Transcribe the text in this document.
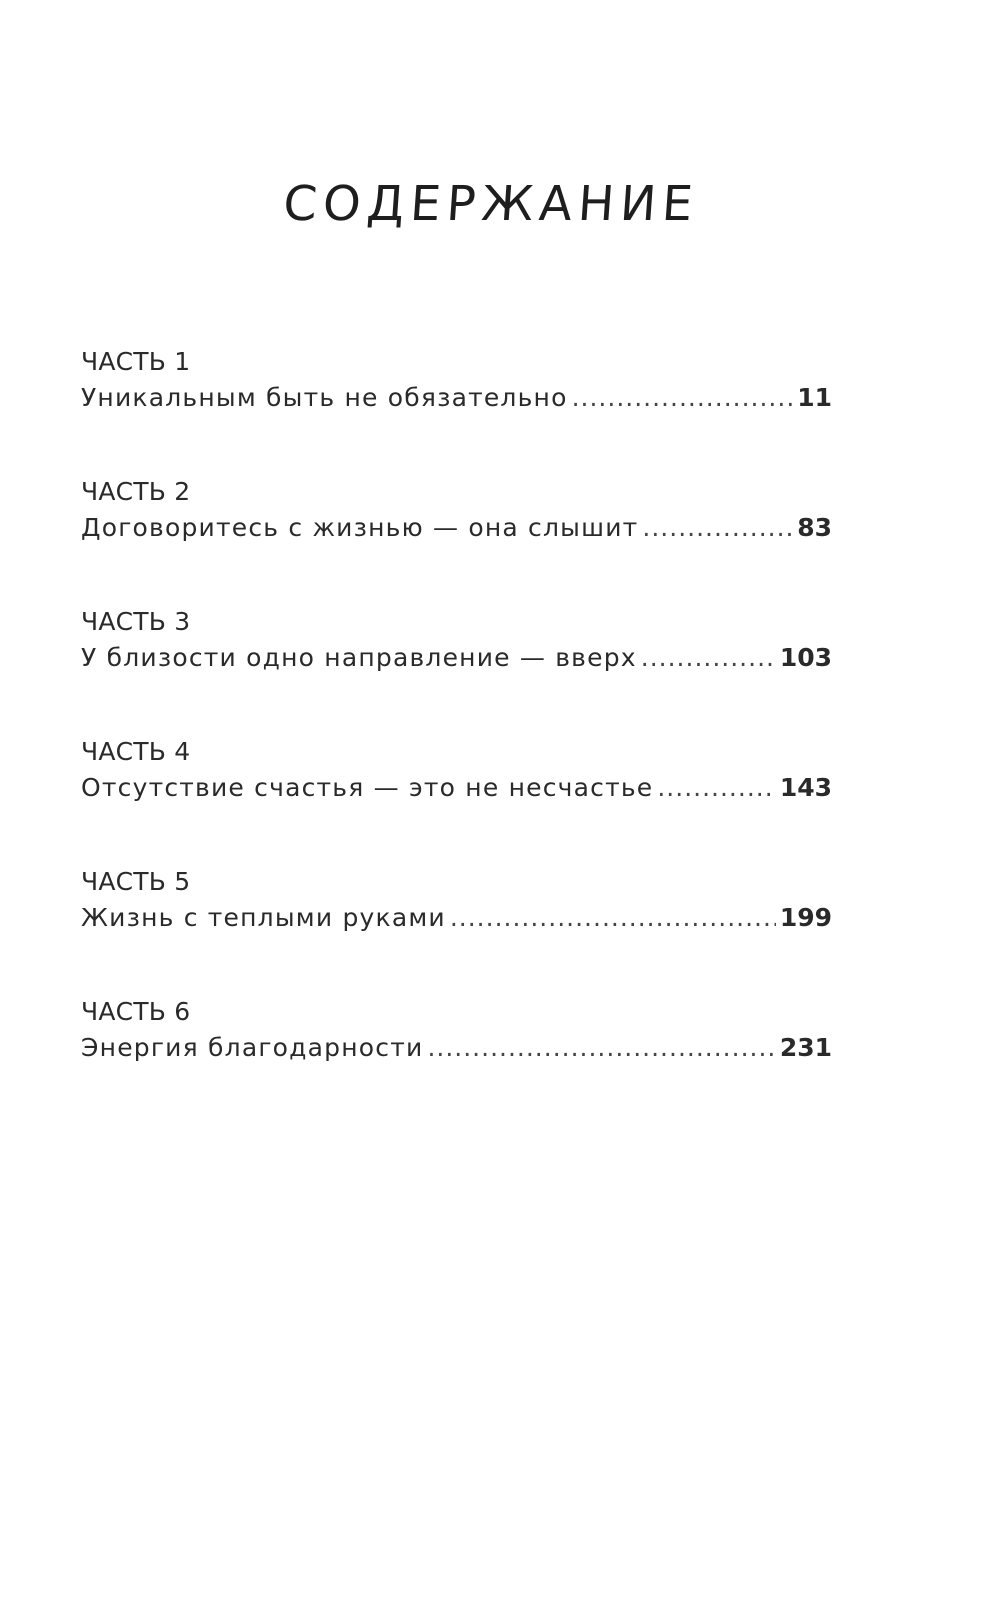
СОДЕРЖАНИЕ
ЧАСТЬ 1
Уникальным быть не обязательно .....	11
ЧАСТЬ 2
Договоритесь с жизнью — она слышит .....	83
ЧАСТЬ 3
У близости одно направление — вверх .....	103
ЧАСТЬ 4
Отсутствие счастья — это не несчастье .....	143
ЧАСТЬ 5
Жизнь с теплыми руками .....	199
ЧАСТЬ 6
Энергия благодарности .....	231
